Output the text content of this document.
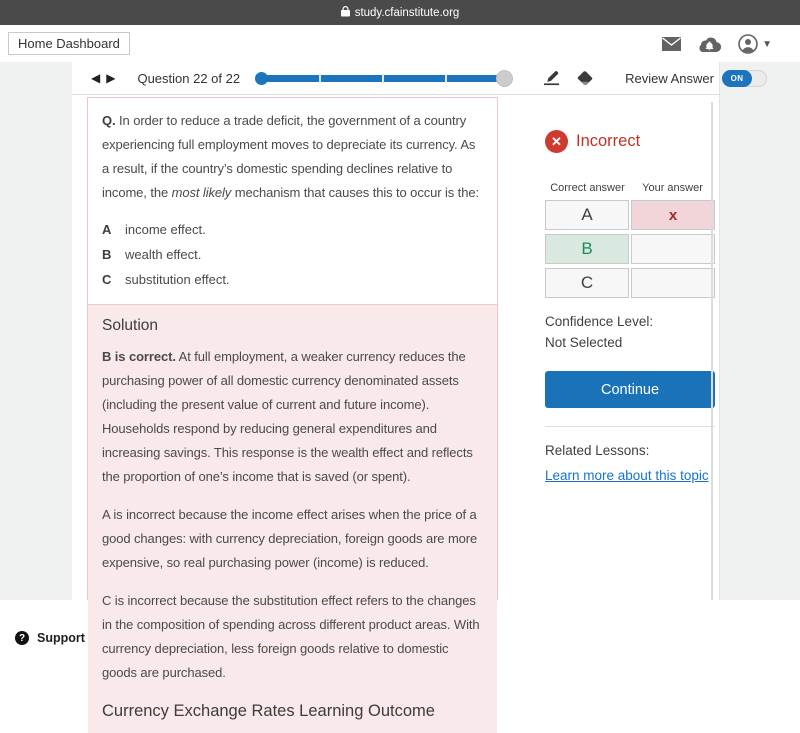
study.cfainstitute.org
Home Dashboard	▼
◀ ▶ Question 22 of 22	Review Answer	ON

Q. In order to reduce a trade deficit, the government of a country experiencing full employment moves to depreciate its currency. As a result, if the country’s domestic spending declines relative to income, the most likely mechanism that causes this to occur is the:

A	income effect.
B	wealth effect.
C	substitution effect.
Solution

B is correct. At full employment, a weaker currency reduces the purchasing power of all domestic currency denominated assets (including the present value of current and future income). Households respond by reducing general expenditures and increasing savings. This response is the wealth effect and reflects the proportion of one’s income that is saved (or spent).

A is incorrect because the income effect arises when the price of a good changes: with currency depreciation, foreign goods are more expensive, so real purchasing power (income) is reduced.

C is incorrect because the substitution effect refers to the changes in the composition of spending across different product areas. With currency depreciation, less foreign goods relative to domestic goods are purchased.

Currency Exchange Rates Learning Outcome
✕ Incorrect
Correct answer	Your answer
A	x
B
C
Confidence Level:
Not Selected
Continue
Related Lessons:
Learn more about this topic
? Support
